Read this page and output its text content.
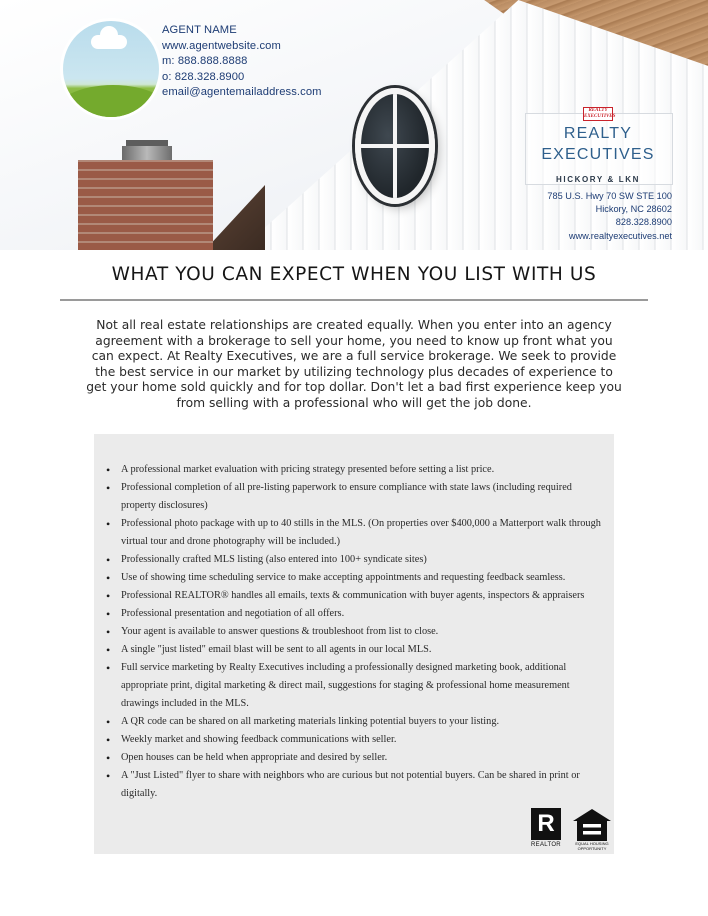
AGENT NAME
www.agentwebsite.com
m: 888.888.8888
o: 828.328.8900
email@agentemailaddress.com
REALTY EXECUTIVES
REALTY
EXECUTIVES
HICKORY & LKN
785 U.S. Hwy 70 SW STE 100
Hickory, NC 28602
828.328.8900
www.realtyexecutives.net
WHAT YOU CAN EXPECT WHEN YOU LIST WITH US
Not all real estate relationships are created equally. When you enter into an agency agreement with a brokerage to sell your home, you need to know up front what you can expect. At Realty Executives, we are a full service brokerage. We seek to provide the best service in our market by utilizing technology plus decades of experience to get your home sold quickly and for top dollar. Don't let a bad first experience keep you from selling with a professional who will get the job done.
• A professional market evaluation with pricing strategy presented before setting a list price.
• Professional completion of all pre-listing paperwork to ensure compliance with state laws (including required property disclosures)
• Professional photo package with up to 40 stills in the MLS. (On properties over $400,000 a Matterport walk through virtual tour and drone photography will be included.)
• Professionally crafted MLS listing (also entered into 100+ syndicate sites)
• Use of showing time scheduling service to make accepting appointments and requesting feedback seamless.
• Professional REALTOR® handles all emails, texts & communication with buyer agents, inspectors & appraisers
• Professional presentation and negotiation of all offers.
• Your agent is available to answer questions & troubleshoot from list to close.
• A single "just listed" email blast will be sent to all agents in our local MLS.
• Full service marketing by Realty Executives including a professionally designed marketing book, additional appropriate print, digital marketing & direct mail, suggestions for staging & professional home measurement drawings included in the MLS.
• A QR code can be shared on all marketing materials linking potential buyers to your listing.
• Weekly market and showing feedback communications with seller.
• Open houses can be held when appropriate and desired by seller.
• A "Just Listed" flyer to share with neighbors who are curious but not potential buyers. Can be shared in print or digitally.
R
REALTOR	EQUAL HOUSING OPPORTUNITY
